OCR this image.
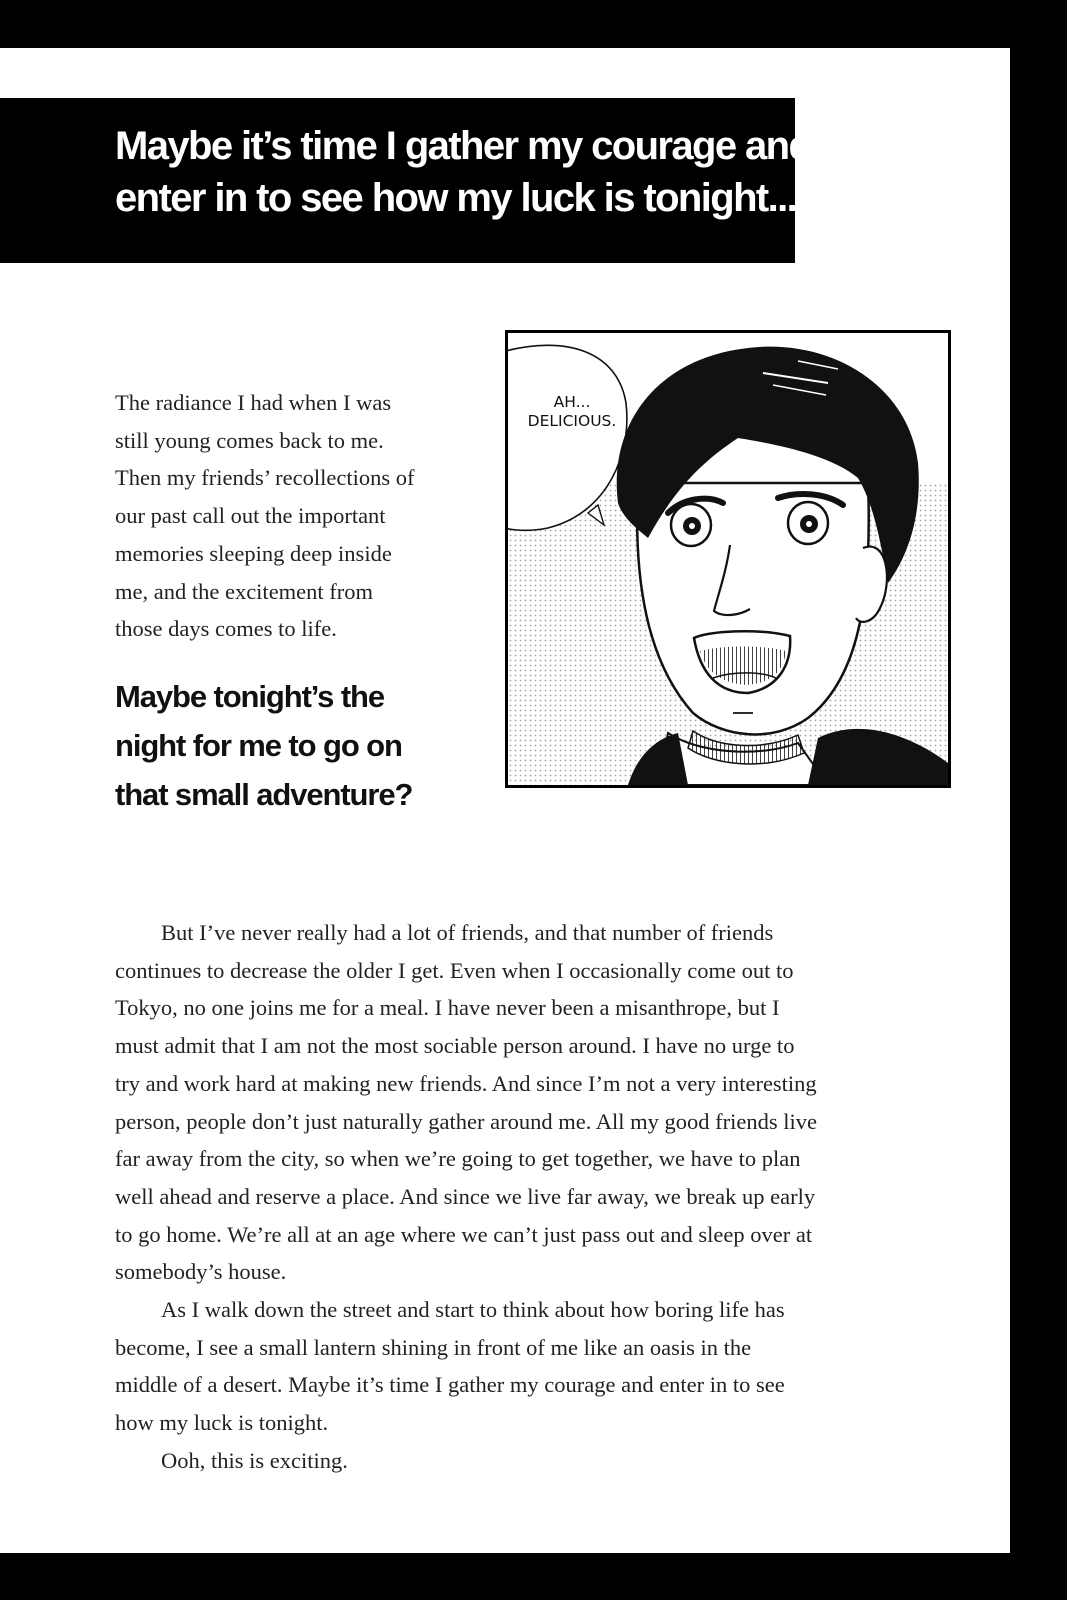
Maybe it’s time I gather my courage and
enter in to see how my luck is tonight...
The radiance I had when I was
still young comes back to me.
Then my friends’ recollections of
our past call out the important
memories sleeping deep inside
me, and the excitement from
those days comes to life.
Maybe tonight’s the
night for me to go on
that small adventure?
AH...
DELICIOUS.
But I’ve never really had a lot of friends, and that number of friends
continues to decrease the older I get. Even when I occasionally come out to
Tokyo, no one joins me for a meal. I have never been a misanthrope, but I
must admit that I am not the most sociable person around. I have no urge to
try and work hard at making new friends. And since I’m not a very interesting
person, people don’t just naturally gather around me. All my good friends live
far away from the city, so when we’re going to get together, we have to plan
well ahead and reserve a place. And since we live far away, we break up early
to go home. We’re all at an age where we can’t just pass out and sleep over at
somebody’s house.
As I walk down the street and start to think about how boring life has
become, I see a small lantern shining in front of me like an oasis in the
middle of a desert. Maybe it’s time I gather my courage and enter in to see
how my luck is tonight.
Ooh, this is exciting.
